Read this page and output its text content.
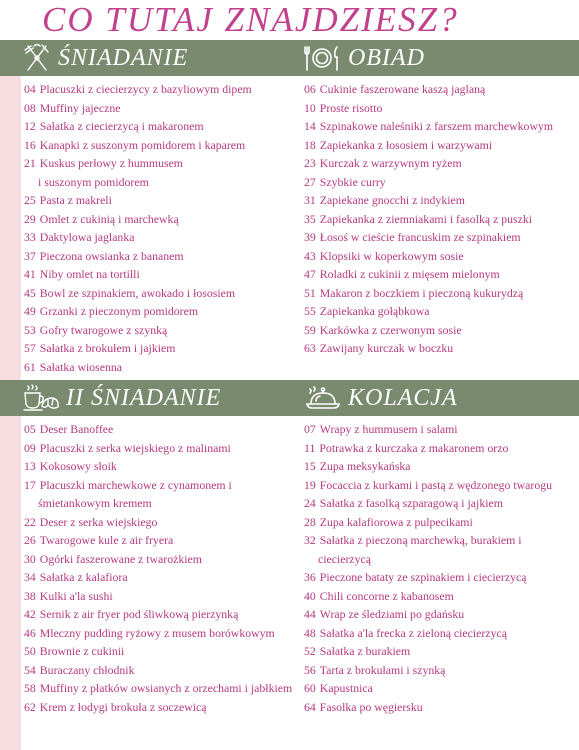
CO TUTAJ ZNAJDZIESZ?
ŚNIADANIE	OBIAD
II ŚNIADANIE	KOLACJA
04 Placuszki z ciecierzycy z bazyliowym dipem
08 Muffiny jajeczne
12 Sałatka z ciecierzycą i makaronem
16 Kanapki z suszonym pomidorem i kaparem
21 Kuskus perłowy z hummusem
i suszonym pomidorem
25 Pasta z makreli
29 Omlet z cukinią i marchewką
33 Daktylowa jaglanka
37 Pieczona owsianka z bananem
41 Niby omlet na tortilli
45 Bowl ze szpinakiem, awokado i łososiem
49 Grzanki z pieczonym pomidorem
53 Gofry twarogowe z szynką
57 Sałatka z brokułem i jajkiem
61 Sałatka wiosenna
06 Cukinie faszerowane kaszą jaglaną
10 Proste risotto
14 Szpinakowe naleśniki z farszem marchewkowym
18 Zapiekanka z łososiem i warzywami
23 Kurczak z warzywnym ryżem
27 Szybkie curry
31 Zapiekane gnocchi z indykiem
35 Zapiekanka z ziemniakami i fasolką z puszki
39 Łosoś w cieście francuskim ze szpinakiem
43 Klopsiki w koperkowym sosie
47 Roladki z cukinii z mięsem mielonym
51 Makaron z boczkiem i pieczoną kukurydzą
55 Zapiekanka gołąbkowa
59 Karkówka z czerwonym sosie
63 Zawijany kurczak w boczku
05 Deser Banoffee
09 Placuszki z serka wiejskiego z malinami
13 Kokosowy słoik
17 Placuszki marchewkowe z cynamonem i
śmietankowym kremem
22 Deser z serka wiejskiego
26 Twarogowe kule z air fryera
30 Ogórki faszerowane z twarożkiem
34 Sałatka z kalafiora
38 Kulki a'la sushi
42 Sernik z air fryer pod śliwkową pierzynką
46 Mleczny pudding ryżowy z musem borówkowym
50 Brownie z cukinii
54 Buraczany chłodnik
58 Muffiny z płatków owsianych z orzechami i jabłkiem
62 Krem z łodygi brokuła z soczewicą
07 Wrapy z hummusem i salami
11 Potrawka z kurczaka z makaronem orzo
15 Zupa meksykańska
19 Focaccia z kurkami i pastą z wędzonego twarogu
24 Sałatka z fasolką szparagową i jajkiem
28 Zupa kalafiorowa z pulpecikami
32 Sałatka z pieczoną marchewką, burakiem i
ciecierzycą
36 Pieczone bataty ze szpinakiem i ciecierzycą
40 Chili concorne z kabanosem
44 Wrap ze śledziami po gdańsku
48 Sałatka a'la frecka z zieloną ciecierzycą
52 Sałatka z burakiem
56 Tarta z brokułami i szynką
60 Kapustnica
64 Fasolka po węgiersku
